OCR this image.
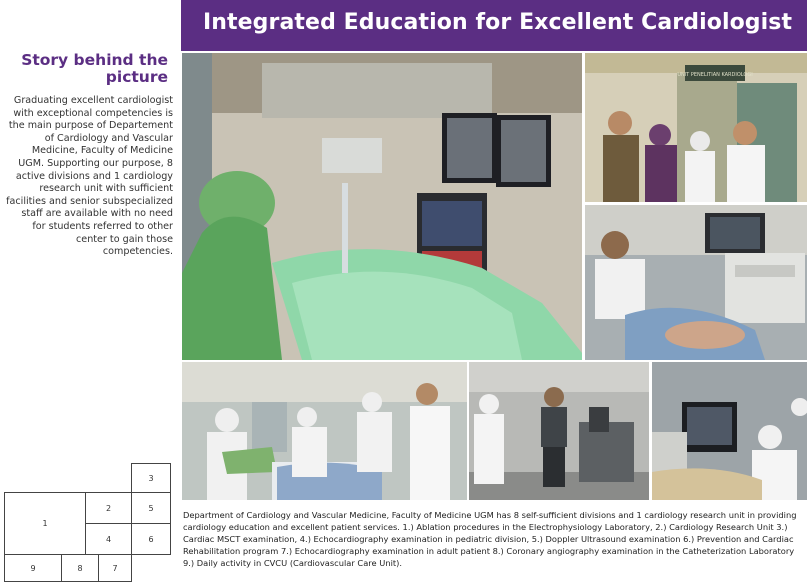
Integrated Education for Excellent Cardiologist
Story behind the picture
Graduating excellent cardiologist with exceptional competencies is the main purpose of Departement of Cardiology and Vascular Medicine, Faculty of Medicine UGM. Supporting our purpose, 8 active divisions and 1 cardiology research unit with sufficient facilities and senior subspecialized staff are available with no need for students referred to other center to gain those competencies.
UNIT PENELITIAN KARDIOLOGI
Department of Cardiology and Vascular Medicine, Faculty of Medicine UGM has 8 self-sufficient divisions and 1 cardiology research unit in providing cardiology education and excellent patient services. 1.) Ablation procedures in the Electrophysiology Laboratory, 2.) Cardiology Research Unit 3.) Cardiac MSCT examination, 4.) Echocardiography examination in pediatric division, 5.) Doppler Ultrasound examination 6.) Prevention and Cardiac Rehabilitation program 7.) Echocardiography examination in adult patient 8.) Coronary angiography examination in the Catheterization Laboratory 9.) Daily activity in CVCU (Cardiovascular Care Unit).
3
1
2	5
4	6
9	8	7
